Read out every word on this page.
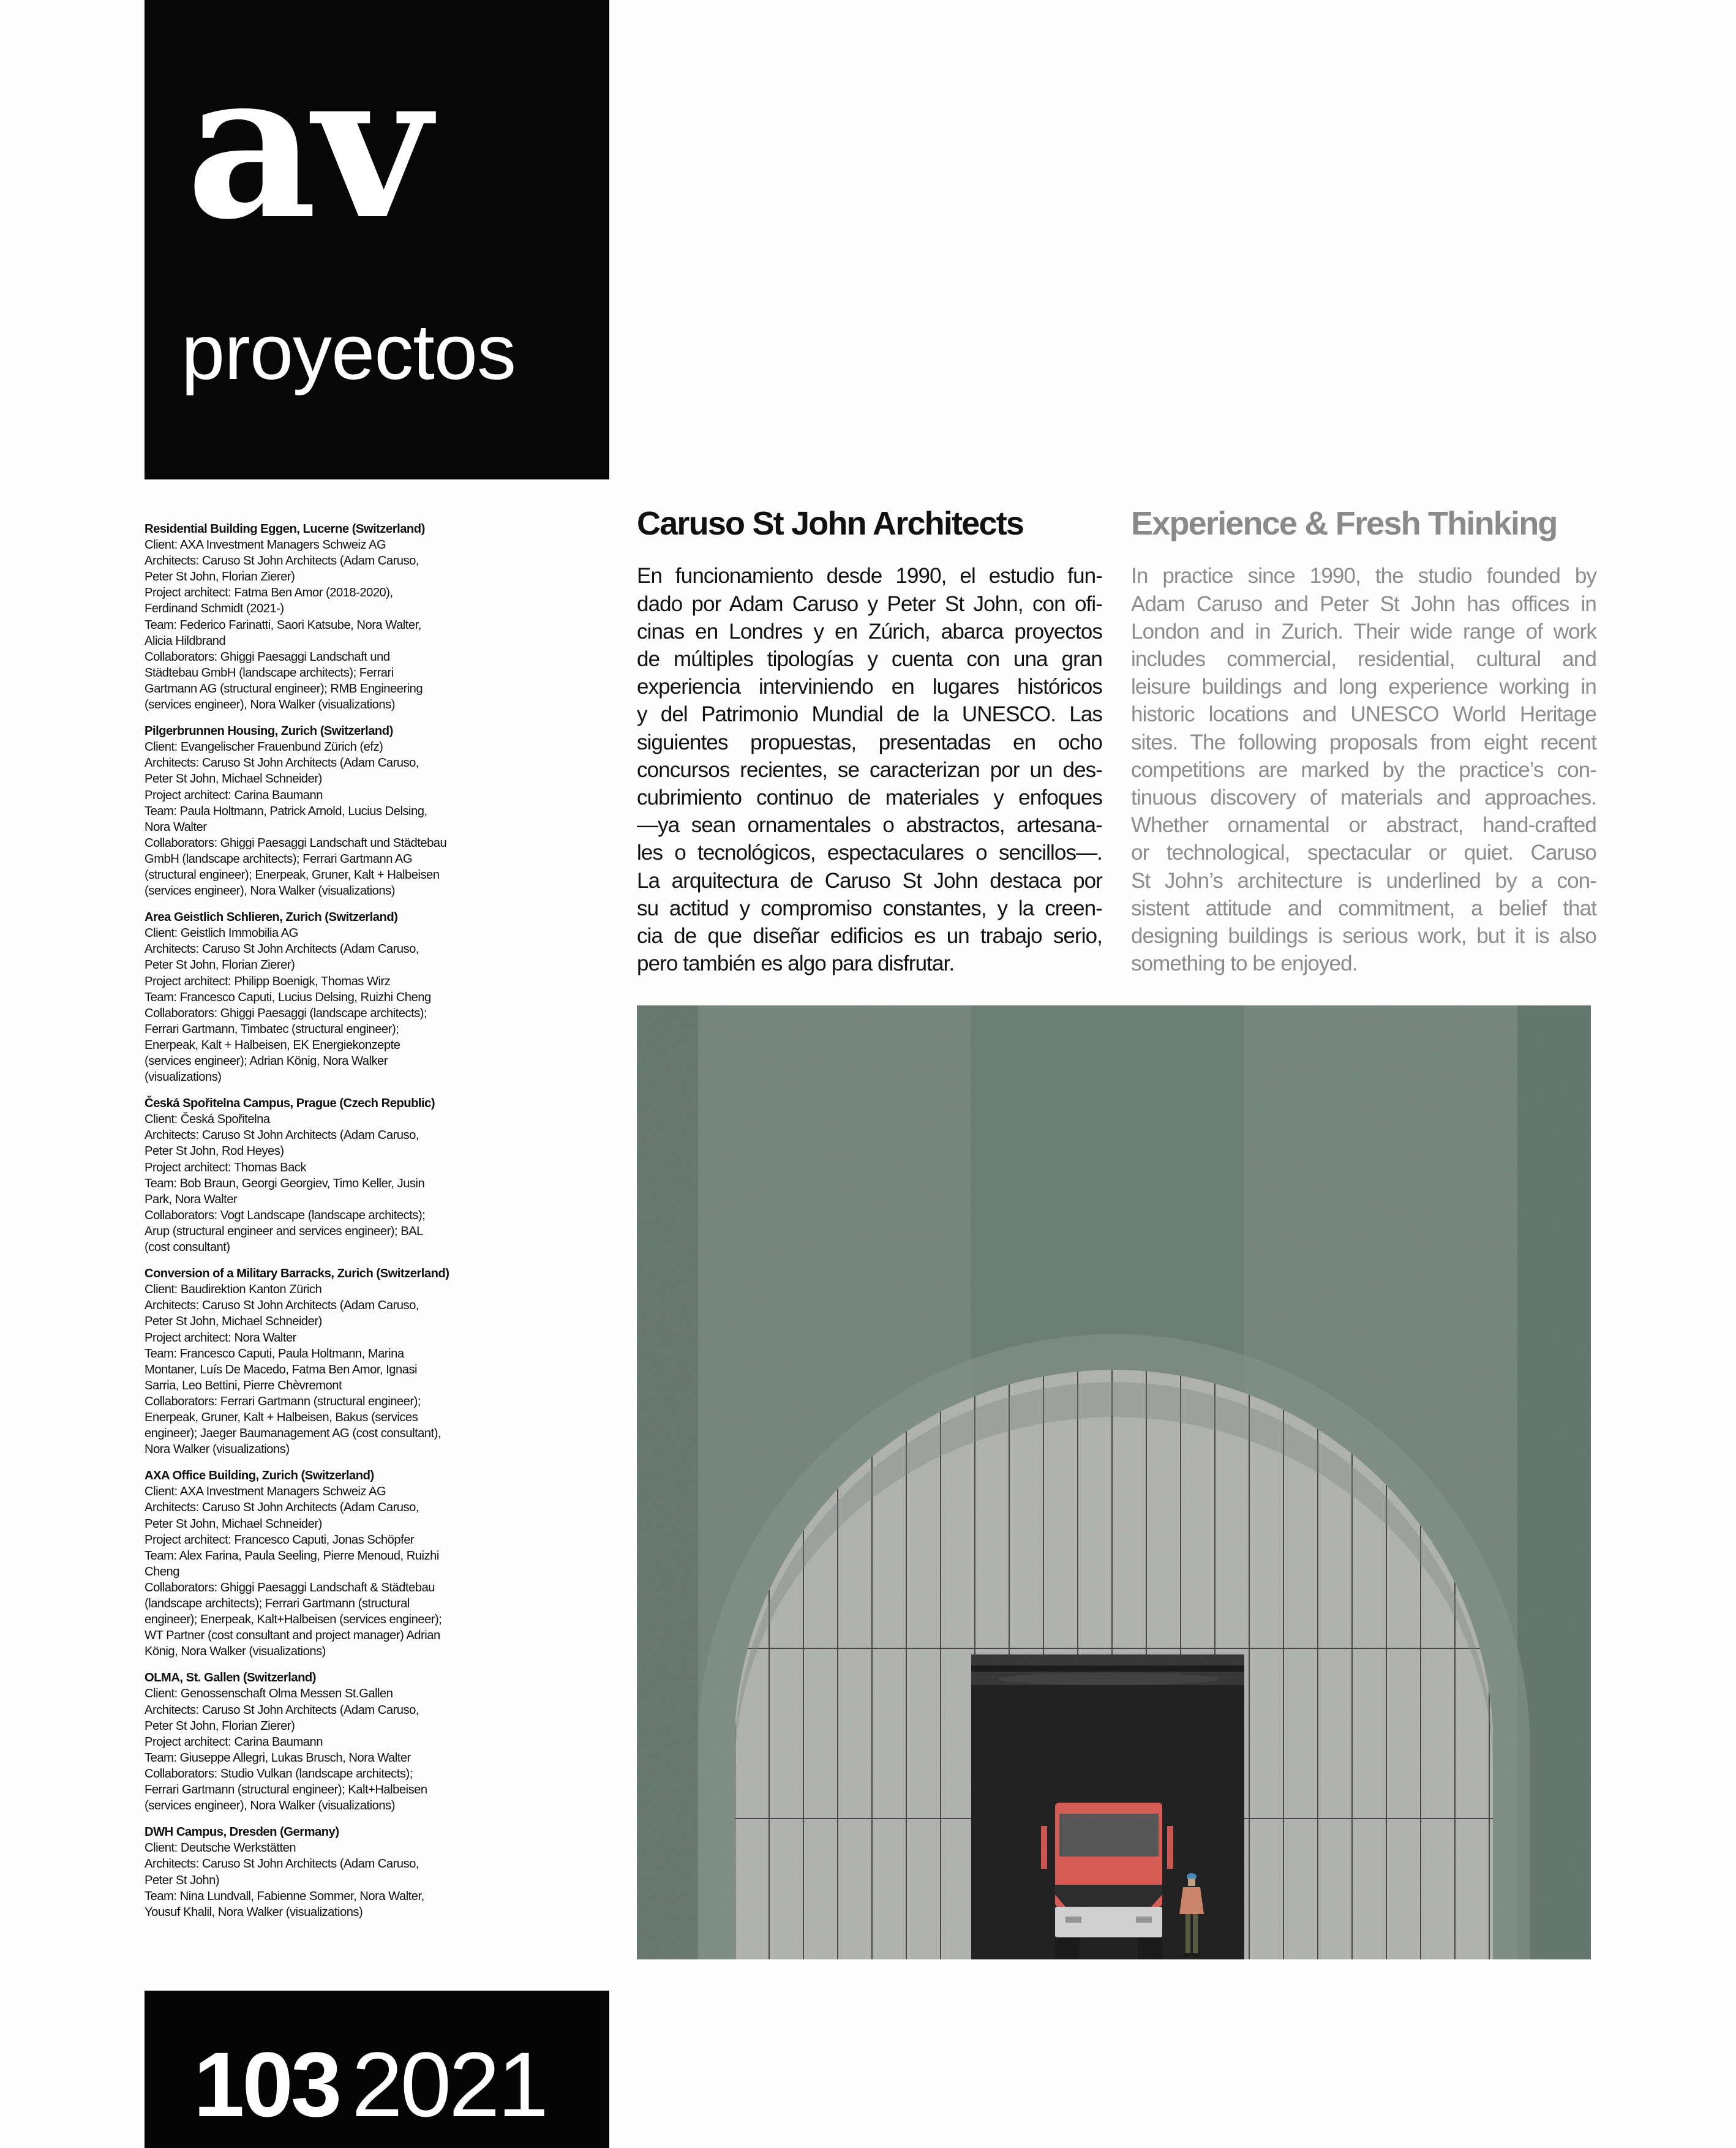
av
proyectos
Residential Building Eggen, Lucerne (Switzerland)
Client: AXA Investment Managers Schweiz AG
Architects: Caruso St John Architects (Adam Caruso,
Peter St John, Florian Zierer)
Project architect: Fatma Ben Amor (2018-2020),
Ferdinand Schmidt (2021-)
Team: Federico Farinatti, Saori Katsube, Nora Walter,
Alicia Hildbrand
Collaborators: Ghiggi Paesaggi Landschaft und
Städtebau GmbH (landscape architects); Ferrari
Gartmann AG (structural engineer); RMB Engineering
(services engineer), Nora Walker (visualizations)
Pilgerbrunnen Housing, Zurich (Switzerland)
Client: Evangelischer Frauenbund Zürich (efz)
Architects: Caruso St John Architects (Adam Caruso,
Peter St John, Michael Schneider)
Project architect: Carina Baumann
Team: Paula Holtmann, Patrick Arnold, Lucius Delsing,
Nora Walter
Collaborators: Ghiggi Paesaggi Landschaft und Städtebau
GmbH (landscape architects); Ferrari Gartmann AG
(structural engineer); Enerpeak, Gruner, Kalt + Halbeisen
(services engineer), Nora Walker (visualizations)
Area Geistlich Schlieren, Zurich (Switzerland)
Client: Geistlich Immobilia AG
Architects: Caruso St John Architects (Adam Caruso,
Peter St John, Florian Zierer)
Project architect: Philipp Boenigk, Thomas Wirz
Team: Francesco Caputi, Lucius Delsing, Ruizhi Cheng
Collaborators: Ghiggi Paesaggi (landscape architects);
Ferrari Gartmann, Timbatec (structural engineer);
Enerpeak, Kalt + Halbeisen, EK Energiekonzepte
(services engineer); Adrian König, Nora Walker
(visualizations)
Česká Spořitelna Campus, Prague (Czech Republic)
Client: Česká Spořitelna
Architects: Caruso St John Architects (Adam Caruso,
Peter St John, Rod Heyes)
Project architect: Thomas Back
Team: Bob Braun, Georgi Georgiev, Timo Keller, Jusin
Park, Nora Walter
Collaborators: Vogt Landscape (landscape architects);
Arup (structural engineer and services engineer); BAL
(cost consultant)
Conversion of a Military Barracks, Zurich (Switzerland)
Client: Baudirektion Kanton Zürich
Architects: Caruso St John Architects (Adam Caruso,
Peter St John, Michael Schneider)
Project architect: Nora Walter
Team: Francesco Caputi, Paula Holtmann, Marina
Montaner, Luís De Macedo, Fatma Ben Amor, Ignasi
Sarria, Leo Bettini, Pierre Chèvremont
Collaborators: Ferrari Gartmann (structural engineer);
Enerpeak, Gruner, Kalt + Halbeisen, Bakus (services
engineer); Jaeger Baumanagement AG (cost consultant),
Nora Walker (visualizations)
AXA Office Building, Zurich (Switzerland)
Client: AXA Investment Managers Schweiz AG
Architects: Caruso St John Architects (Adam Caruso,
Peter St John, Michael Schneider)
Project architect: Francesco Caputi, Jonas Schöpfer
Team: Alex Farina, Paula Seeling, Pierre Menoud, Ruizhi
Cheng
Collaborators: Ghiggi Paesaggi Landschaft & Städtebau
(landscape architects); Ferrari Gartmann (structural
engineer); Enerpeak, Kalt+Halbeisen (services engineer);
WT Partner (cost consultant and project manager) Adrian
König, Nora Walker (visualizations)
OLMA, St. Gallen (Switzerland)
Client: Genossenschaft Olma Messen St.Gallen
Architects: Caruso St John Architects (Adam Caruso,
Peter St John, Florian Zierer)
Project architect: Carina Baumann
Team: Giuseppe Allegri, Lukas Brusch, Nora Walter
Collaborators: Studio Vulkan (landscape architects);
Ferrari Gartmann (structural engineer); Kalt+Halbeisen
(services engineer), Nora Walker (visualizations)
DWH Campus, Dresden (Germany)
Client: Deutsche Werkstätten
Architects: Caruso St John Architects (Adam Caruso,
Peter St John)
Team: Nina Lundvall, Fabienne Sommer, Nora Walter,
Yousuf Khalil, Nora Walker (visualizations)
103 2021
Caruso St John Architects

En funcionamiento desde 1990, el estudio fun-
dado por Adam Caruso y Peter St John, con ofi-
cinas en Londres y en Zúrich, abarca proyectos
de múltiples tipologías y cuenta con una gran
experiencia interviniendo en lugares históricos
y del Patrimonio Mundial de la UNESCO. Las
siguientes propuestas, presentadas en ocho
concursos recientes, se caracterizan por un des-
cubrimiento continuo de materiales y enfoques
—ya sean ornamentales o abstractos, artesana-
les o tecnológicos, espectaculares o sencillos—.
La arquitectura de Caruso St John destaca por
su actitud y compromiso constantes, y la creen-
cia de que diseñar edificios es un trabajo serio,
pero también es algo para disfrutar.

Experience & Fresh Thinking

In practice since 1990, the studio founded by
Adam Caruso and Peter St John has offices in
London and in Zurich. Their wide range of work
includes commercial, residential, cultural and
leisure buildings and long experience working in
historic locations and UNESCO World Heritage
sites. The following proposals from eight recent
competitions are marked by the practice’s con-
tinuous discovery of materials and approaches.
Whether ornamental or abstract, hand-crafted
or technological, spectacular or quiet. Caruso
St John’s architecture is underlined by a con-
sistent attitude and commitment, a belief that
designing buildings is serious work, but it is also
something to be enjoyed.
